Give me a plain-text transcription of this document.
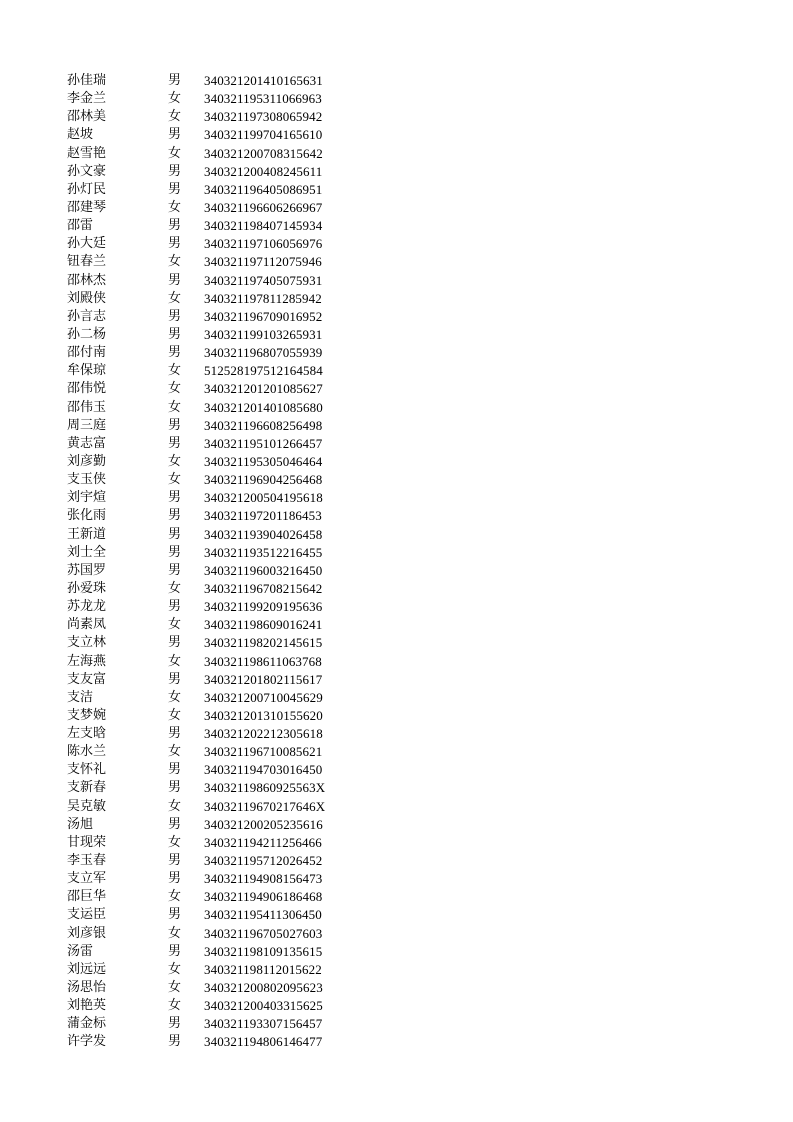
孙佳瑞	男	340321201410165631
李金兰	女	340321195311066963
邵林美	女	340321197308065942
赵坡	男	340321199704165610
赵雪艳	女	340321200708315642
孙文豪	男	340321200408245611
孙灯民	男	340321196405086951
邵建琴	女	340321196606266967
邵雷	男	340321198407145934
孙大廷	男	340321197106056976
钮春兰	女	340321197112075946
邵林杰	男	340321197405075931
刘殿侠	女	340321197811285942
孙言志	男	340321196709016952
孙二杨	男	340321199103265931
邵付南	男	340321196807055939
牟保琼	女	512528197512164584
邵伟悦	女	340321201201085627
邵伟玉	女	340321201401085680
周三庭	男	340321196608256498
黄志富	男	340321195101266457
刘彦勤	女	340321195305046464
支玉侠	女	340321196904256468
刘宇煊	男	340321200504195618
张化雨	男	340321197201186453
王新道	男	340321193904026458
刘士全	男	340321193512216455
苏国罗	男	340321196003216450
孙爱珠	女	340321196708215642
苏龙龙	男	340321199209195636
尚素凤	女	340321198609016241
支立林	男	340321198202145615
左海燕	女	340321198611063768
支友富	男	340321201802115617
支洁	女	340321200710045629
支梦婉	女	340321201310155620
左支晗	男	340321202212305618
陈水兰	女	340321196710085621
支怀礼	男	340321194703016450
支新春	男	34032119860925563X
吴克敏	女	34032119670217646X
汤旭	男	340321200205235616
甘现荣	女	340321194211256466
李玉春	男	340321195712026452
支立军	男	340321194908156473
邵巨华	女	340321194906186468
支运臣	男	340321195411306450
刘彦银	女	340321196705027603
汤雷	男	340321198109135615
刘远远	女	340321198112015622
汤思怡	女	340321200802095623
刘艳英	女	340321200403315625
蒲金标	男	340321193307156457
许学发	男	340321194806146477
